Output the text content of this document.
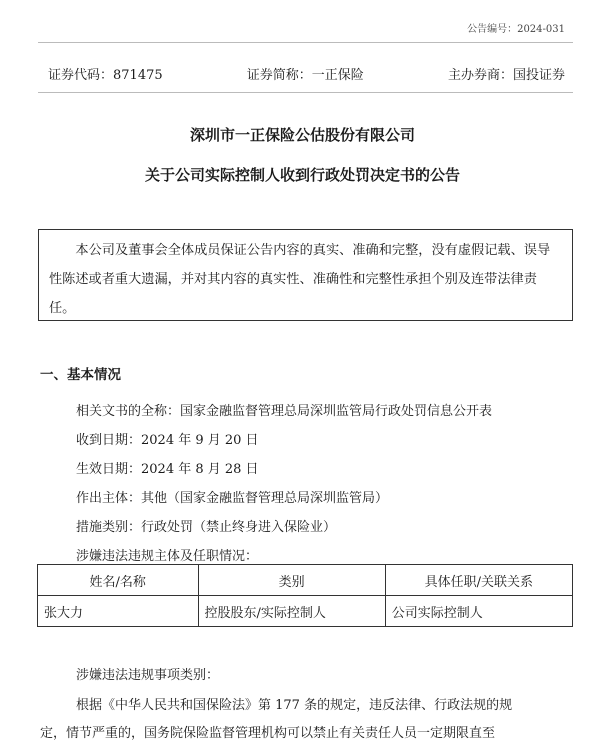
公告编号：2024-031
证券代码：871475	证券简称：一正保险	主办券商：国投证券
深圳市一正保险公估股份有限公司
关于公司实际控制人收到行政处罚决定书的公告
本公司及董事会全体成员保证公告内容的真实、准确和完整，没有虚假记载、误导性陈述或者重大遗漏，并对其内容的真实性、准确性和完整性承担个别及连带法律责任。
一、基本情况
相关文书的全称：国家金融监督管理总局深圳监管局行政处罚信息公开表
收到日期：2024 年 9 月 20 日
生效日期：2024 年 8 月 28 日
作出主体：其他（国家金融监督管理总局深圳监管局）
措施类别：行政处罚（禁止终身进入保险业）
涉嫌违法违规主体及任职情况：
姓名/名称	类别	具体任职/关联关系
张大力	控股股东/实际控制人	公司实际控制人
涉嫌违法违规事项类别：
根据《中华人民共和国保险法》第 177 条的规定，违反法律、行政法规的规
定，情节严重的，国务院保险监督管理机构可以禁止有关责任人员一定期限直至
